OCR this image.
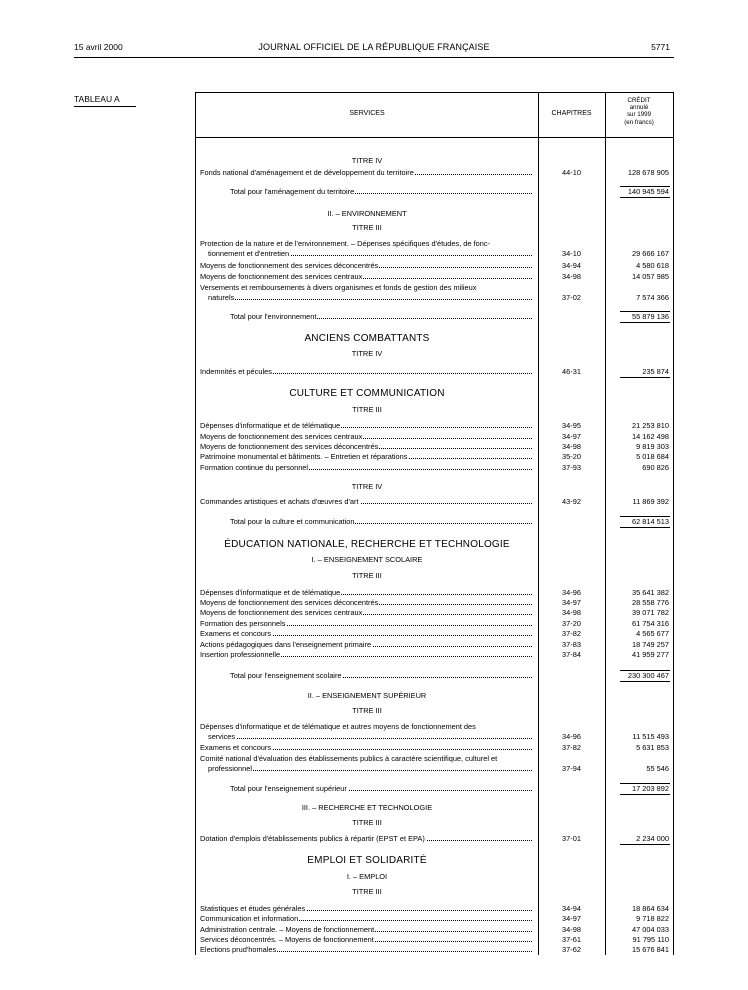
15 avril 2000	JOURNAL OFFICIEL DE LA RÉPUBLIQUE FRANÇAISE	5771
TABLEAU A
SERVICES	CHAPITRES
CRÉDIT
annulé
sur 1999
(en francs)
TITRE IV
Fonds national d'aménagement et de développement du territoire	44-10	128 678 905
Total pour l'aménagement du territoire	140 945 594
II. – ENVIRONNEMENT
TITRE III
Protection de la nature et de l'environnement. – Dépenses spécifiques d'études, de fonc-
tionnement et d'entretien	34-10	29 666 167
Moyens de fonctionnement des services déconcentrés	34-94	4 580 618
Moyens de fonctionnement des services centraux	34-98	14 057 985
Versements et remboursements à divers organismes et fonds de gestion des milieux
naturels	37-02	7 574 366
Total pour l'environnement	55 879 136
ANCIENS COMBATTANTS
TITRE IV
Indemnités et pécules	46-31	235 874
CULTURE ET COMMUNICATION
TITRE III
Dépenses d'informatique et de télématique	34-95	21 253 810
Moyens de fonctionnement des services centraux	34-97	14 162 498
Moyens de fonctionnement des services déconcentrés	34-98	9 819 303
Patrimoine monumental et bâtiments. – Entretien et réparations	35-20	5 018 684
Formation continue du personnel	37-93	690 826
TITRE IV
Commandes artistiques et achats d'œuvres d'art	43-92	11 869 392
Total pour la culture et communication	62 814 513
ÉDUCATION NATIONALE, RECHERCHE ET TECHNOLOGIE
I. – ENSEIGNEMENT SCOLAIRE
TITRE III
Dépenses d'informatique et de télématique	34-96	35 641 382
Moyens de fonctionnement des services déconcentrés	34-97	28 558 776
Moyens de fonctionnement des services centraux	34-98	39 071 782
Formation des personnels	37-20	61 754 316
Examens et concours	37-82	4 565 677
Actions pédagogiques dans l'enseignement primaire	37-83	18 749 257
Insertion professionnelle	37-84	41 959 277
Total pour l'enseignement scolaire	230 300 467
II. – ENSEIGNEMENT SUPÉRIEUR
TITRE III
Dépenses d'informatique et de télématique et autres moyens de fonctionnement des
services	34-96	11 515 493
Examens et concours	37-82	5 631 853
Comité national d'évaluation des établissements publics à caractère scientifique, culturel et
professionnel	37-94	55 546
Total pour l'enseignement supérieur	17 203 892
III. – RECHERCHE ET TECHNOLOGIE
TITRE III
Dotation d'emplois d'établissements publics à répartir (EPST et EPA)	37-01	2 234 000
EMPLOI ET SOLIDARITÉ
I. – EMPLOI
TITRE III
Statistiques et études générales	34-94	18 864 634
Communication et information	34-97	9 718 822
Administration centrale. – Moyens de fonctionnement	34-98	47 004 033
Services déconcentrés. – Moyens de fonctionnement	37-61	91 795 110
Elections prud'homales	37-62	15 676 841
